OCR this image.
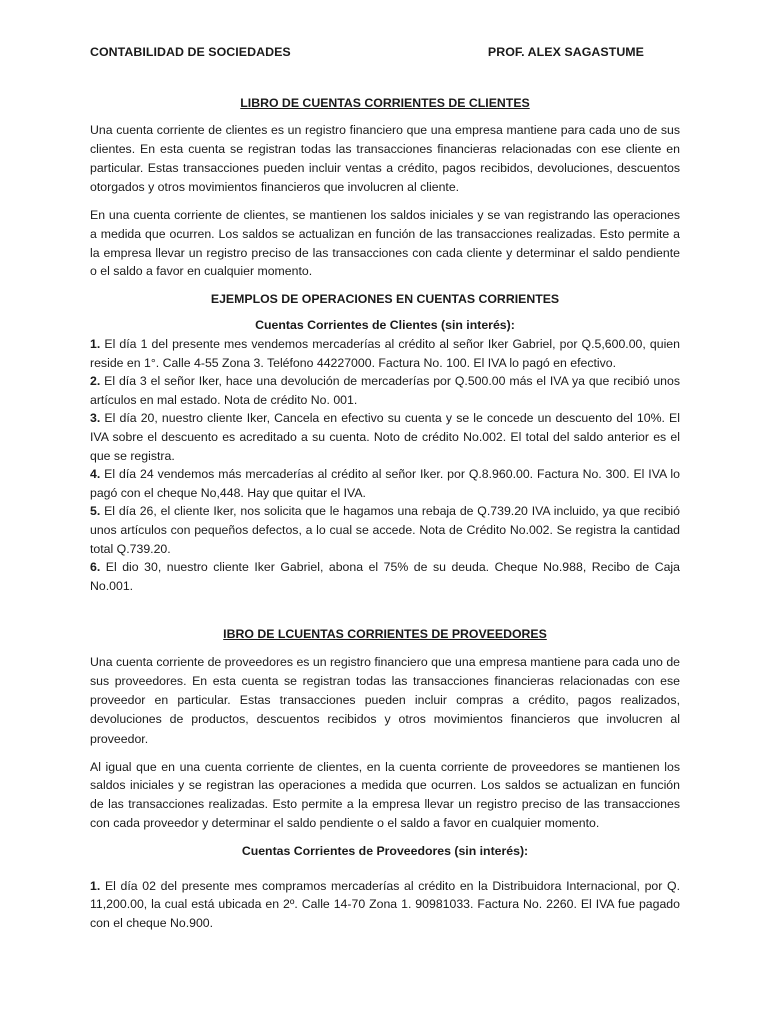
CONTABILIDAD DE SOCIEDADES	PROF. ALEX SAGASTUME

LIBRO DE CUENTAS CORRIENTES DE CLIENTES

Una cuenta corriente de clientes es un registro financiero que una empresa mantiene para cada uno de sus clientes. En esta cuenta se registran todas las transacciones financieras relacionadas con ese cliente en particular. Estas transacciones pueden incluir ventas a crédito, pagos recibidos, devoluciones, descuentos otorgados y otros movimientos financieros que involucren al cliente.

En una cuenta corriente de clientes, se mantienen los saldos iniciales y se van registrando las operaciones a medida que ocurren. Los saldos se actualizan en función de las transacciones realizadas. Esto permite a la empresa llevar un registro preciso de las transacciones con cada cliente y determinar el saldo pendiente o el saldo a favor en cualquier momento.

EJEMPLOS DE OPERACIONES EN CUENTAS CORRIENTES

Cuentas Corrientes de Clientes (sin interés):

1. El día 1 del presente mes vendemos mercaderías al crédito al señor Iker Gabriel, por Q.5,600.00, quien reside en 1°. Calle 4-55 Zona 3. Teléfono 44227000. Factura No. 100. El IVA lo pagó en efectivo.

2. El día 3 el señor Iker, hace una devolución de mercaderías por Q.500.00 más el IVA ya que recibió unos artículos en mal estado. Nota de crédito No. 001.

3. El día 20, nuestro cliente Iker, Cancela en efectivo su cuenta y se le concede un descuento del 10%. El IVA sobre el descuento es acreditado a su cuenta. Noto de crédito No.002. El total del saldo anterior es el que se registra.

4. El día 24 vendemos más mercaderías al crédito al señor Iker. por Q.8.960.00. Factura No. 300. El IVA lo pagó con el cheque No,448. Hay que quitar el IVA.

5. El día 26, el cliente Iker, nos solicita que le hagamos una rebaja de Q.739.20 IVA incluido, ya que recibió unos artículos con pequeños defectos, a lo cual se accede. Nota de Crédito No.002. Se registra la cantidad total Q.739.20.

6. El dio 30, nuestro cliente Iker Gabriel, abona el 75% de su deuda. Cheque No.988, Recibo de Caja No.001.

IBRO DE LCUENTAS CORRIENTES DE PROVEEDORES

Una cuenta corriente de proveedores es un registro financiero que una empresa mantiene para cada uno de sus proveedores. En esta cuenta se registran todas las transacciones financieras relacionadas con ese proveedor en particular. Estas transacciones pueden incluir compras a crédito, pagos realizados, devoluciones de productos, descuentos recibidos y otros movimientos financieros que involucren al proveedor.

Al igual que en una cuenta corriente de clientes, en la cuenta corriente de proveedores se mantienen los saldos iniciales y se registran las operaciones a medida que ocurren. Los saldos se actualizan en función de las transacciones realizadas. Esto permite a la empresa llevar un registro preciso de las transacciones con cada proveedor y determinar el saldo pendiente o el saldo a favor en cualquier momento.

Cuentas Corrientes de Proveedores (sin interés):

1. El día 02 del presente mes compramos mercaderías al crédito en la Distribuidora Internacional, por Q. 11,200.00, la cual está ubicada en 2º. Calle 14-70 Zona 1. 90981033. Factura No. 2260. El IVA fue pagado con el cheque No.900.
